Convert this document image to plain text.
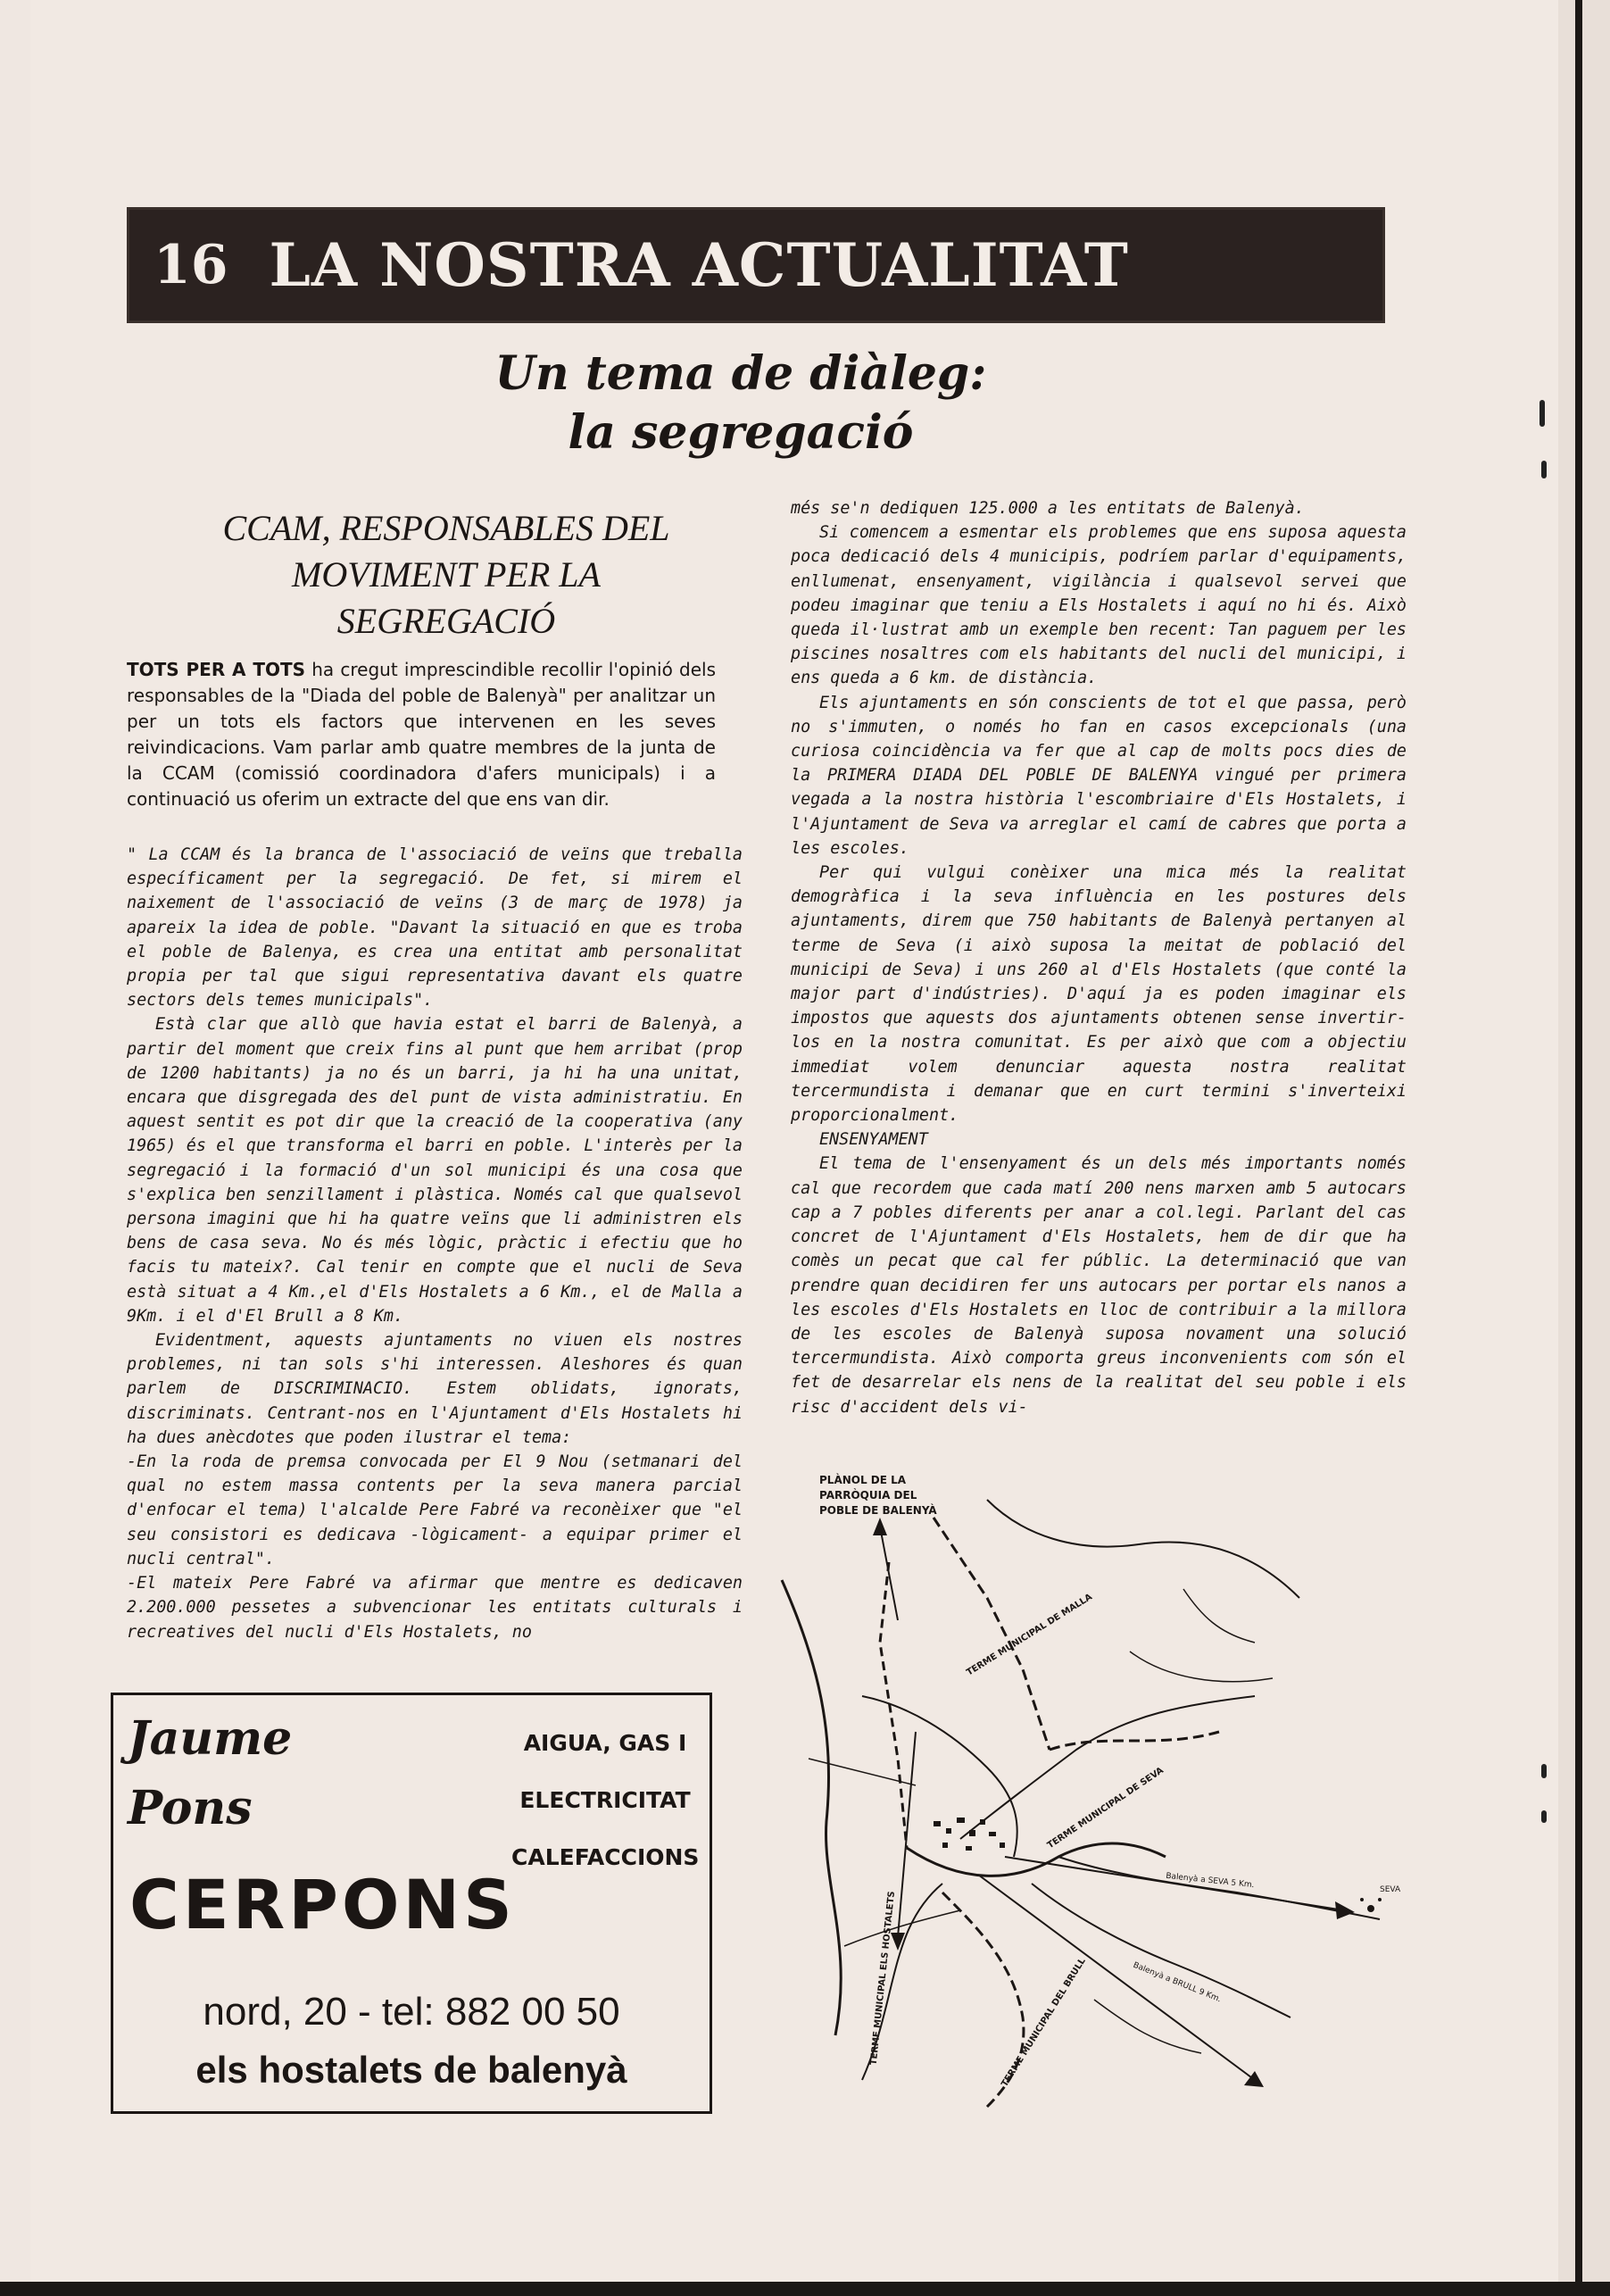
16 LA NOSTRA ACTUALITAT
Un tema de diàleg:
la segregació
CCAM, RESPONSABLES DEL
MOVIMENT PER LA
SEGREGACIÓ
TOTS PER A TOTS ha cregut imprescindible recollir l'opinió dels responsables de la "Diada del poble de Balenyà" per analitzar un per un tots els factors que intervenen en les seves reivindicacions. Vam parlar amb quatre membres de la junta de la CCAM (comissió coordinadora d'afers municipals) i a continuació us oferim un extracte del que ens van dir.

" La CCAM és la branca de l'associació de veïns que treballa específicament per la segregació. De fet, si mirem el naixement de l'associació de veïns (3 de març de 1978) ja apareix la idea de poble. "Davant la situació en que es troba el poble de Balenya, es crea una entitat amb personalitat propia per tal que sigui representativa davant els quatre sectors dels temes municipals".

Està clar que allò que havia estat el barri de Balenyà, a partir del moment que creix fins al punt que hem arribat (prop de 1200 habitants) ja no és un barri, ja hi ha una unitat, encara que disgregada des del punt de vista administratiu. En aquest sentit es pot dir que la creació de la cooperativa (any 1965) és el que transforma el barri en poble. L'interès per la segregació i la formació d'un sol municipi és una cosa que s'explica ben senzillament i plàstica. Només cal que qualsevol persona imagini que hi ha quatre veïns que li administren els bens de casa seva. No és més lògic, pràctic i efectiu que ho facis tu mateix?. Cal tenir en compte que el nucli de Seva està situat a 4 Km.,el d'Els Hostalets a 6 Km., el de Malla a 9Km. i el d'El Brull a 8 Km.

Evidentment, aquests ajuntaments no viuen els nostres problemes, ni tan sols s'hi interessen. Aleshores és quan parlem de DISCRIMINACIO. Estem oblidats, ignorats, discriminats. Centrant-nos en l'Ajuntament d'Els Hostalets hi ha dues anècdotes que poden ilustrar el tema:

-En la roda de premsa convocada per El 9 Nou (setmanari del qual no estem massa contents per la seva manera parcial d'enfocar el tema) l'alcalde Pere Fabré va reconèixer que "el seu consistori es dedicava -lògicament- a equipar primer el nucli central".

-El mateix Pere Fabré va afirmar que mentre es dedicaven 2.200.000 pessetes a subvencionar les entitats culturals i recreatives del nucli d'Els Hostalets, no

més se'n dediquen 125.000 a les entitats de Balenyà.

Si comencem a esmentar els problemes que ens suposa aquesta poca dedicació dels 4 municipis, podríem parlar d'equipaments, enllumenat, ensenyament, vigilància i qualsevol servei que podeu imaginar que teniu a Els Hostalets i aquí no hi és. Això queda il·lustrat amb un exemple ben recent: Tan paguem per les piscines nosaltres com els habitants del nucli del municipi, i ens queda a 6 km. de distància.

Els ajuntaments en són conscients de tot el que passa, però no s'immuten, o només ho fan en casos excepcionals (una curiosa coincidència va fer que al cap de molts pocs dies de la PRIMERA DIADA DEL POBLE DE BALENYA vingué per primera vegada a la nostra història l'escombriaire d'Els Hostalets, i l'Ajuntament de Seva va arreglar el camí de cabres que porta a les escoles.

Per qui vulgui conèixer una mica més la realitat demogràfica i la seva influència en les postures dels ajuntaments, direm que 750 habitants de Balenyà pertanyen al terme de Seva (i això suposa la meitat de població del municipi de Seva) i uns 260 al d'Els Hostalets (que conté la major part d'indústries). D'aquí ja es poden imaginar els impostos que aquests dos ajuntaments obtenen sense invertir-los en la nostra comunitat. Es per això que com a objectiu immediat volem denunciar aquesta nostra realitat tercermundista i demanar que en curt termini s'inverteixi proporcionalment.

ENSENYAMENT

El tema de l'ensenyament és un dels més importants només cal que recordem que cada matí 200 nens marxen amb 5 autocars cap a 7 pobles diferents per anar a col.legi. Parlant del cas concret de l'Ajuntament d'Els Hostalets, hem de dir que ha comès un pecat que cal fer públic. La determinació que van prendre quan decidiren fer uns autocars per portar els nanos a les escoles d'Els Hostalets en lloc de contribuir a la millora de les escoles de Balenyà suposa novament una solució tercermundista. Això comporta greus inconvenients com són el fet de desarrelar els nens de la realitat del seu poble i els risc d'accident dels vi-

Jaume
Pons
AIGUA, GAS I
ELECTRICITAT
CALEFACCIONS
CERPONS
nord, 20 - tel: 882 00 50
els hostalets de balenyà
PLÀNOL DE LA
PARRÒQUIA DEL
POBLE DE BALENYÀ
TERME MUNICIPAL DE MALLA
TERME MUNICIPAL DE SEVA
TERME MUNICIPAL ELS HOSTALETS	TERME MUNICIPAL DEL BRULL
Balenyà a SEVA 5 Km.
Balenyà a BRULL 9 Km.
SEVA
